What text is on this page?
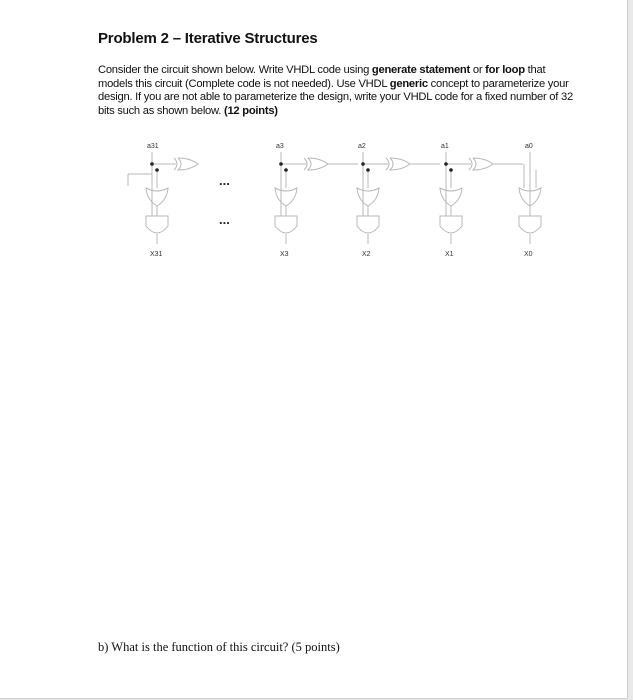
Problem 2 – Iterative Structures
Consider the circuit shown below. Write VHDL code using generate statement or for loop that models this circuit (Complete code is not needed). Use VHDL generic concept to parameterize your design. If you are not able to parameterize the design, write your VHDL code for a fixed number of 32 bits such as shown below. (12 points)
...
...
a31	a3	a2	a1	a0
X31	X3	X2	X1	X0
b) What is the function of this circuit? (5 points)
